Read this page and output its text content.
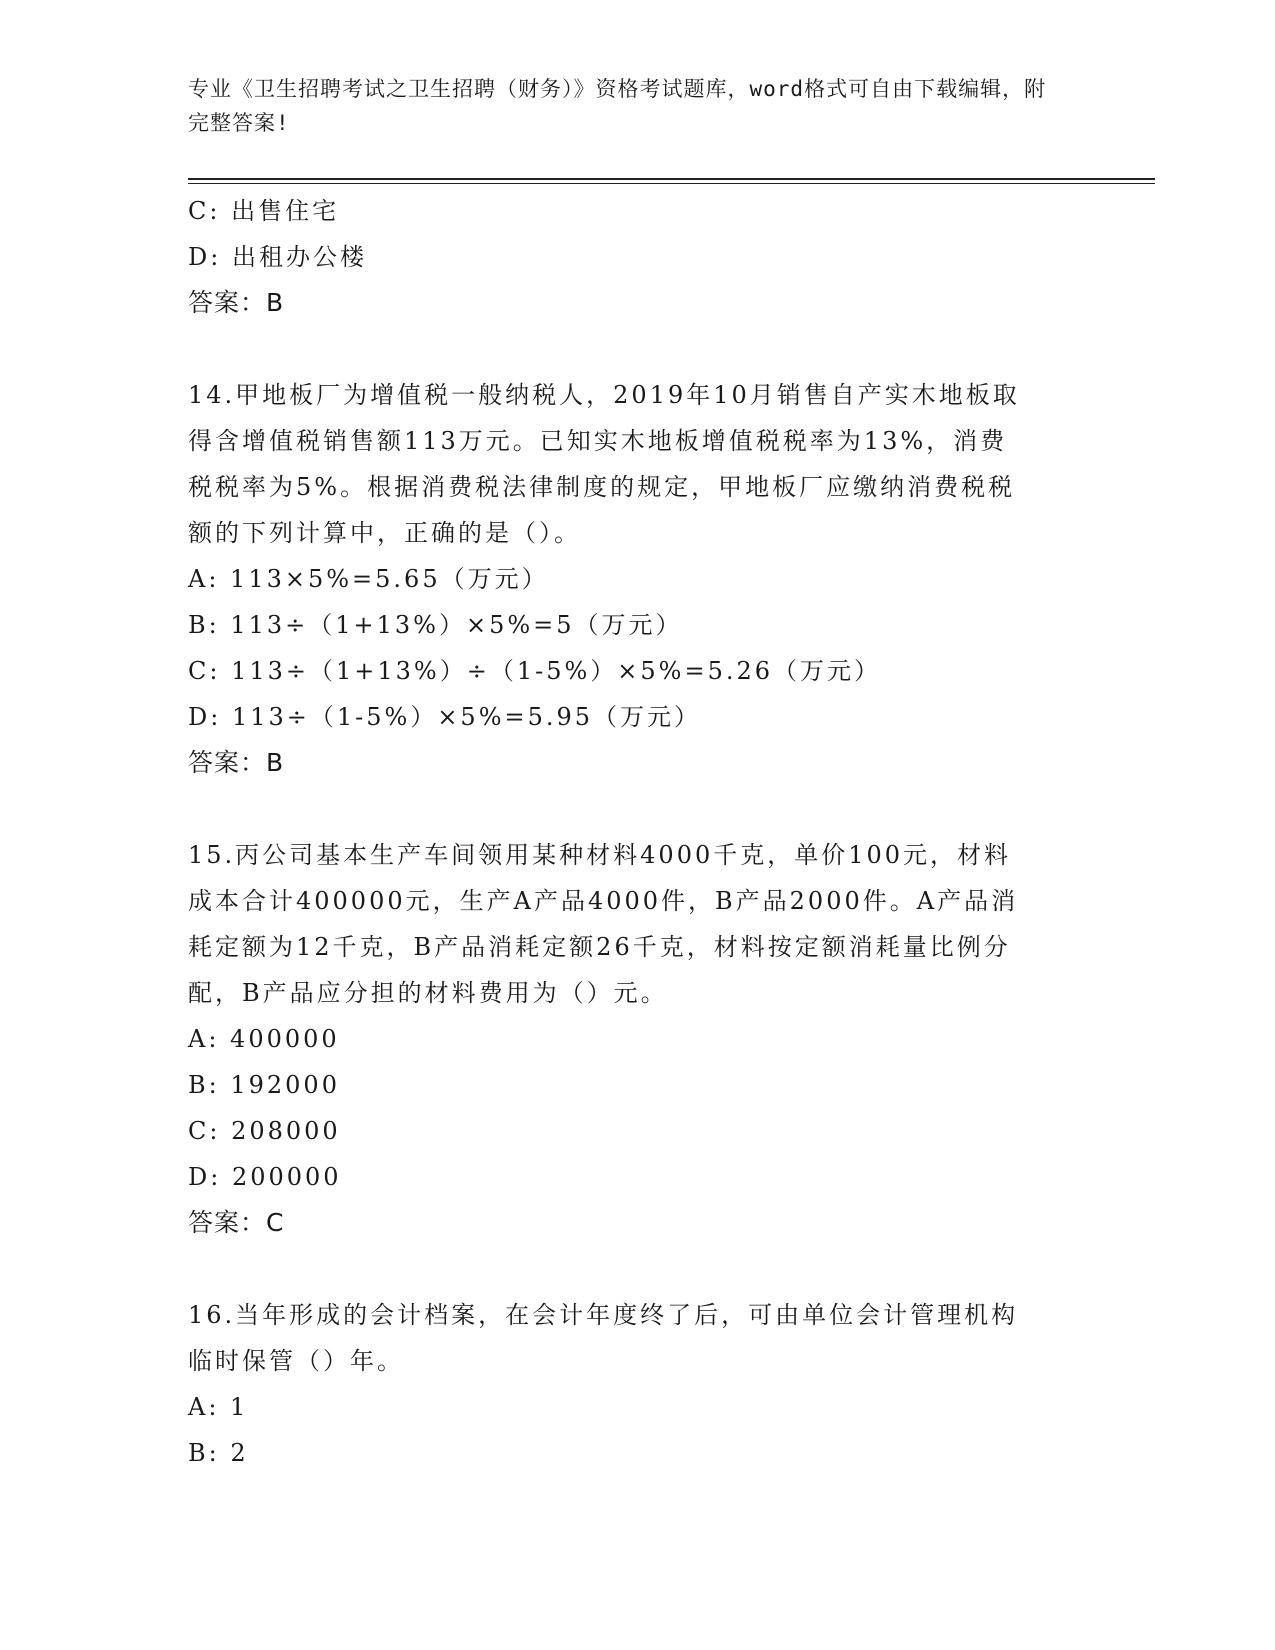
专业《卫生招聘考试之卫生招聘（财务）》资格考试题库，word格式可自由下载编辑，附完整答案!
C: 出售住宅
D: 出租办公楼
答案：B
14.甲地板厂为增值税一般纳税人，2019年10月销售自产实木地板取
得含增值税销售额113万元。已知实木地板增值税税率为13%，消费
税税率为5%。根据消费税法律制度的规定，甲地板厂应缴纳消费税税
额的下列计算中，正确的是（）。
A: 113×5%=5.65（万元）
B: 113÷（1+13%）×5%=5（万元）
C: 113÷（1+13%）÷（1-5%）×5%=5.26（万元）
D: 113÷（1-5%）×5%=5.95（万元）
答案：B
15.丙公司基本生产车间领用某种材料4000千克，单价100元，材料
成本合计400000元，生产A产品4000件，B产品2000件。A产品消
耗定额为12千克，B产品消耗定额26千克，材料按定额消耗量比例分
配，B产品应分担的材料费用为（）元。
A: 400000
B: 192000
C: 208000
D: 200000
答案：C
16.当年形成的会计档案，在会计年度终了后，可由单位会计管理机构
临时保管（）年。
A: 1
B: 2
